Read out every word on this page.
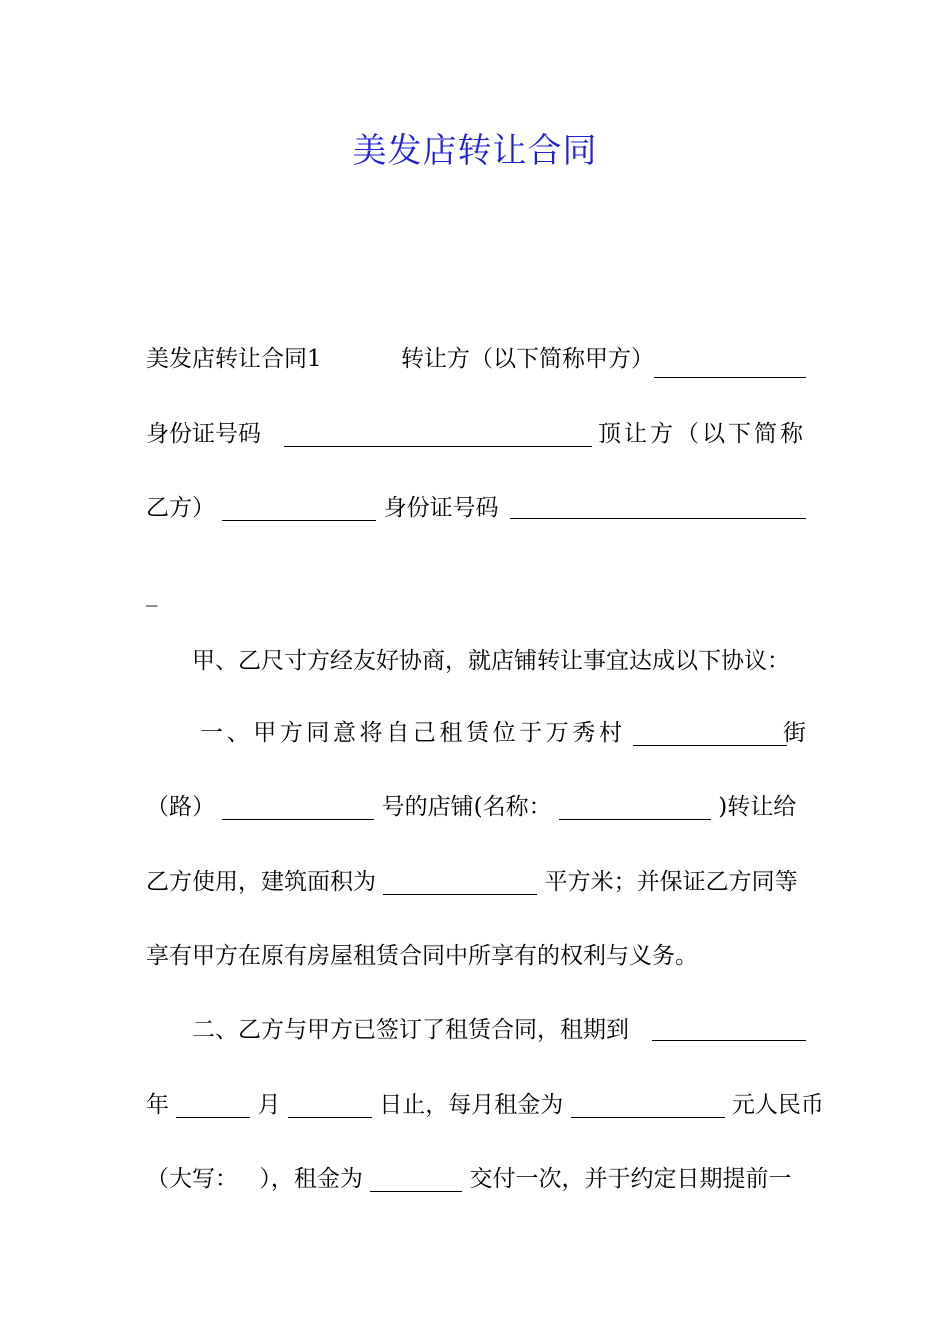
美发店转让合同
美发店转让合同1	转让方（以下简称甲方）
身份证号码	顶让方（以下简称
乙方）	身份证号码
_
甲、乙尺寸方经友好协商，就店铺转让事宜达成以下协议：
一、甲方同意将自己租赁位于万秀村	街
（路）	号的店铺(名称：	)转让给
乙方使用，建筑面积为	平方米；并保证乙方同等
享有甲方在原有房屋租赁合同中所享有的权利与义务。
二、乙方与甲方已签订了租赁合同，租期到
年	月	日止，每月租金为	元人民币
（大写： ），租金为	交付一次，并于约定日期提前一
